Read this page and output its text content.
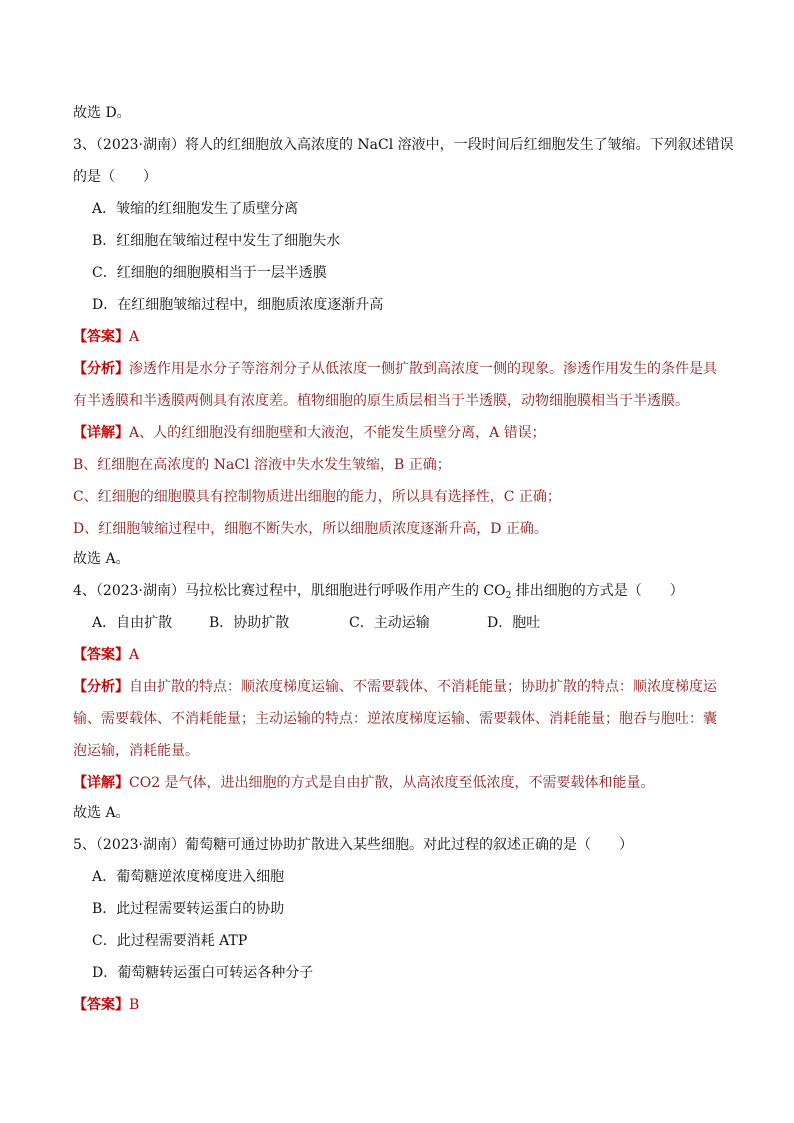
故选 D。
3、（2023·湖南）将人的红细胞放入高浓度的 NaCl 溶液中，一段时间后红细胞发生了皱缩。下列叙述错误
的是（　　）
A．皱缩的红细胞发生了质壁分离
B．红细胞在皱缩过程中发生了细胞失水
C．红细胞的细胞膜相当于一层半透膜
D．在红细胞皱缩过程中，细胞质浓度逐渐升高
【答案】A
【分析】渗透作用是水分子等溶剂分子从低浓度一侧扩散到高浓度一侧的现象。渗透作用发生的条件是具
有半透膜和半透膜两侧具有浓度差。植物细胞的原生质层相当于半透膜，动物细胞膜相当于半透膜。
【详解】A、人的红细胞没有细胞壁和大液泡，不能发生质壁分离，A 错误；
B、红细胞在高浓度的 NaCl 溶液中失水发生皱缩，B 正确；
C、红细胞的细胞膜具有控制物质进出细胞的能力，所以具有选择性，C 正确；
D、红细胞皱缩过程中，细胞不断失水，所以细胞质浓度逐渐升高，D 正确。
故选 A。
4、（2023·湖南）马拉松比赛过程中，肌细胞进行呼吸作用产生的 $CO_2$ 排出细胞的方式是（　　）
A．自由扩散	B．协助扩散	C．主动运输	D．胞吐
【答案】A
【分析】自由扩散的特点：顺浓度梯度运输、不需要载体、不消耗能量；协助扩散的特点：顺浓度梯度运
输、需要载体、不消耗能量；主动运输的特点：逆浓度梯度运输、需要载体、消耗能量；胞吞与胞吐：囊
泡运输，消耗能量。
【详解】CO2 是气体，进出细胞的方式是自由扩散，从高浓度至低浓度，不需要载体和能量。
故选 A。
5、（2023·湖南）葡萄糖可通过协助扩散进入某些细胞。对此过程的叙述正确的是（　　）
A．葡萄糖逆浓度梯度进入细胞
B．此过程需要转运蛋白的协助
C．此过程需要消耗 ATP
D．葡萄糖转运蛋白可转运各种分子
【答案】B
